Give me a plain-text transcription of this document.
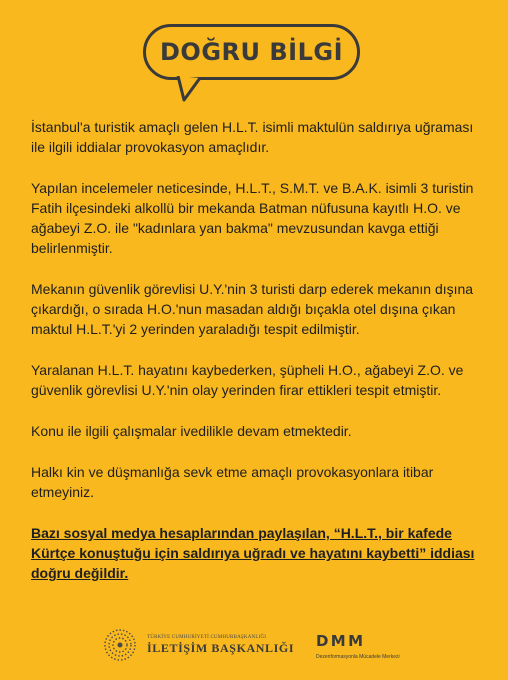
DOĞRU BİLGİ

İstanbul'a turistik amaçlı gelen H.L.T. isimli maktulün saldırıya uğraması ile ilgili iddialar provokasyon amaçlıdır.

Yapılan incelemeler neticesinde, H.L.T., S.M.T. ve B.A.K. isimli 3 turistin Fatih ilçesindeki alkollü bir mekanda Batman nüfusuna kayıtlı H.O. ve ağabeyi Z.O. ile "kadınlara yan bakma" mevzusundan kavga ettiği belirlenmiştir.

Mekanın güvenlik görevlisi U.Y.'nin 3 turisti darp ederek mekanın dışına çıkardığı, o sırada H.O.'nun masadan aldığı bıçakla otel dışına çıkan maktul H.L.T.'yi 2 yerinden yaraladığı tespit edilmiştir.

Yaralanan H.L.T. hayatını kaybederken, şüpheli H.O., ağabeyi Z.O. ve güvenlik görevlisi U.Y.'nin olay yerinden firar ettikleri tespit etmiştir.

Konu ile ilgili çalışmalar ivedilikle devam etmektedir.

Halkı kin ve düşmanlığa sevk etme amaçlı provokasyonlara itibar etmeyiniz.

Bazı sosyal medya hesaplarından paylaşılan, “H.L.T., bir kafede Kürtçe konuştuğu için saldırıya uğradı ve hayatını kaybetti” iddiası doğru değildir.

TÜRKİYE CUMHURİYETİ CUMHURBAŞKANLIĞI
İLETİŞİM BAŞKANLIĞI DMM
Dezenformasyonla Mücadele Merkezi
